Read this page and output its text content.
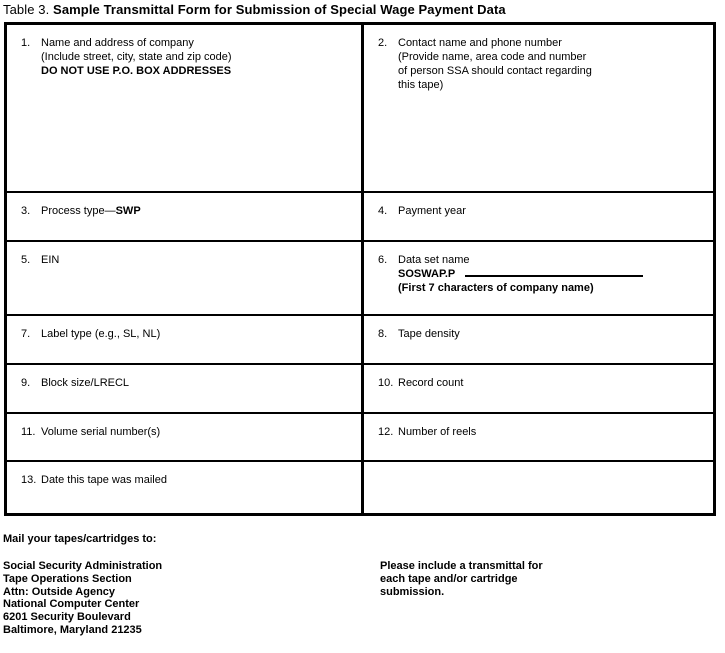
Table 3. Sample Transmittal Form for Submission of Special Wage Payment Data
1. Name and address of company
(Include street, city, state and zip code)
DO NOT USE P.O. BOX ADDRESSES
2. Contact name and phone number
(Provide name, area code and number
of person SSA should contact regarding
this tape)
3. Process type—SWP	4. Payment year
5. EIN	6. Data set name
SOSWAP.P
(First 7 characters of company name)
7. Label type (e.g., SL, NL)	8. Tape density
9. Block size/LRECL	10. Record count
11. Volume serial number(s)	12. Number of reels
13. Date this tape was mailed
Mail your tapes/cartridges to:
Social Security Administration
Tape Operations Section
Attn: Outside Agency
National Computer Center
6201 Security Boulevard
Baltimore, Maryland 21235
Please include a transmittal for
each tape and/or cartridge
submission.
